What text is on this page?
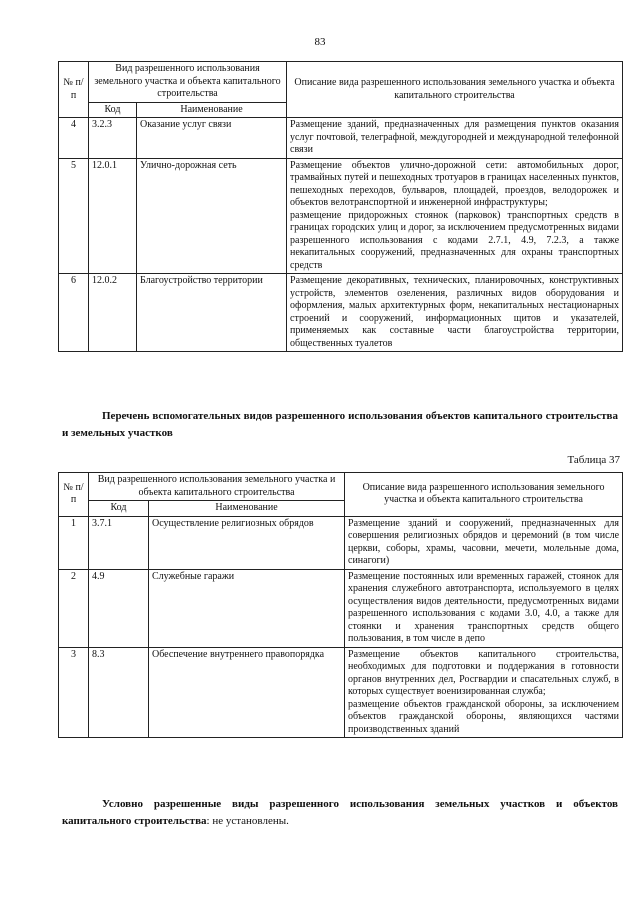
83
№ п/п	Вид разрешенного использования земельного участка и объекта капитального строительства		Описание вида разрешенного использования земельного участка и объекта капитального строительства
	Код	Наименование	
4	3.2.3	Оказание услуг связи	Размещение зданий, предназначенных для размещения пунктов оказания услуг почтовой, телеграфной, междугородней и международной телефонной связи
5	12.0.1	Улично-дорожная сеть	Размещение объектов улично-дорожной сети: автомобильных дорог, трамвайных путей и пешеходных тротуаров в границах населенных пунктов, пешеходных переходов, бульваров, площадей, проездов, велодорожек и объектов велотранспортной и инженерной инфраструктуры;
размещение придорожных стоянок (парковок) транспортных средств в границах городских улиц и дорог, за исключением предусмотренных видами разрешенного использования с кодами 2.7.1, 4.9, 7.2.3, а также некапитальных сооружений, предназначенных для охраны транспортных средств

6	12.0.2	Благоустройство территории	Размещение декоративных, технических, планировочных, конструктивных устройств, элементов озеленения, различных видов оборудования и оформления, малых архитектурных форм, некапитальных нестационарных строений и сооружений, информационных щитов и указателей, применяемых как составные части благоустройства территории, общественных туалетов
Перечень вспомогательных видов разрешенного использования объектов капитального строительства и земельных участков
Таблица 37
№ п/п	Вид разрешенного использования земельного участка и объекта капитального строительства		Описание вида разрешенного использования земельного участка и объекта капитального строительства
	Код	Наименование	
1	3.7.1	Осуществление религиозных обрядов	Размещение зданий и сооружений, предназначенных для совершения религиозных обрядов и церемоний (в том числе церкви, соборы, храмы, часовни, мечети, молельные дома, синагоги)
2	4.9	Служебные гаражи	Размещение постоянных или временных гаражей, стоянок для хранения служебного автотранспорта, используемого в целях осуществления видов деятельности, предусмотренных видами разрешенного использования с кодами 3.0, 4.0, а также для стоянки и хранения транспортных средств общего пользования, в том числе в депо
3	8.3	Обеспечение внутреннего правопорядка	Размещение объектов капитального строительства, необходимых для подготовки и поддержания в готовности органов внутренних дел, Росгвардии и спасательных служб, в которых существует военизированная служба;
размещение объектов гражданской обороны, за исключением объектов гражданской обороны, являющихся частями производственных зданий
Условно разрешенные виды разрешенного использования земельных участков и объектов капитального строительства: не установлены.
